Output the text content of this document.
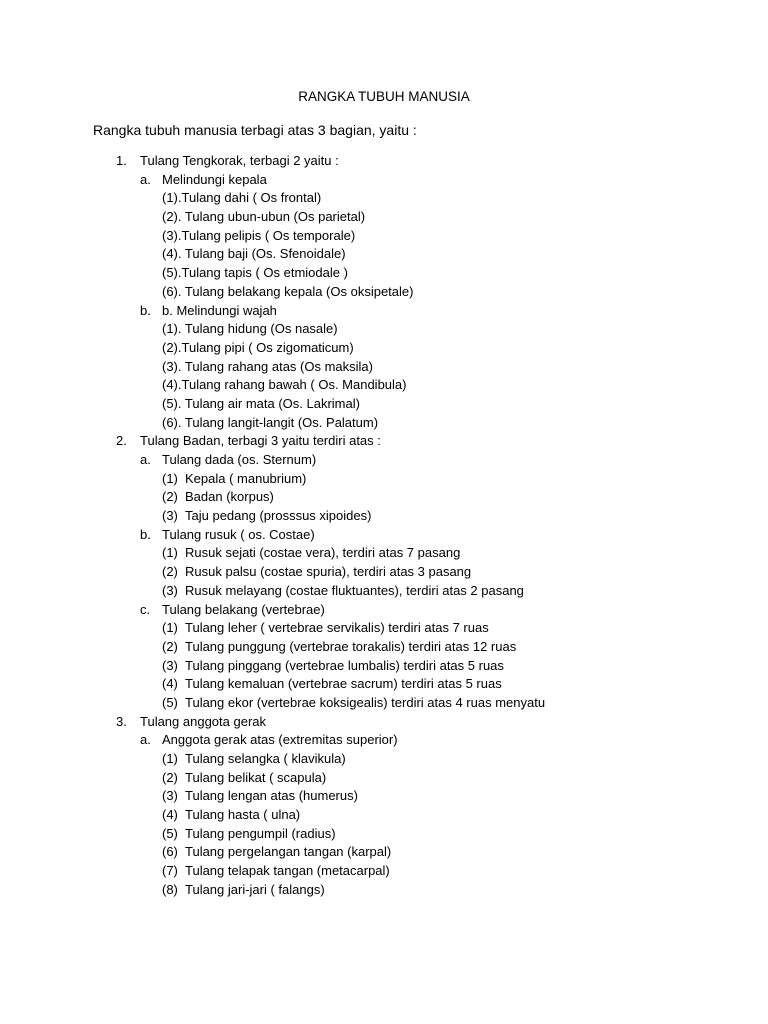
RANGKA TUBUH MANUSIA
Rangka tubuh manusia terbagi atas 3 bagian, yaitu :
1. Tulang Tengkorak, terbagi 2 yaitu :
a. Melindungi kepala
(1).Tulang dahi ( Os frontal)
(2). Tulang ubun-ubun (Os parietal)
(3).Tulang pelipis ( Os temporale)
(4). Tulang baji (Os. Sfenoidale)
(5).Tulang tapis ( Os etmiodale )
(6). Tulang belakang kepala (Os oksipetale)
b. b. Melindungi wajah
(1). Tulang hidung (Os nasale)
(2).Tulang pipi ( Os zigomaticum)
(3). Tulang rahang atas (Os maksila)
(4).Tulang rahang bawah ( Os. Mandibula)
(5). Tulang air mata (Os. Lakrimal)
(6). Tulang langit-langit (Os. Palatum)
2. Tulang Badan, terbagi 3 yaitu terdiri atas :
a. Tulang dada (os. Sternum)
(1) Kepala ( manubrium)
(2) Badan (korpus)
(3) Taju pedang (prosssus xipoides)
b. Tulang rusuk ( os. Costae)
(1) Rusuk sejati (costae vera), terdiri atas 7 pasang
(2) Rusuk palsu (costae spuria), terdiri atas 3 pasang
(3) Rusuk melayang (costae fluktuantes), terdiri atas 2 pasang
c. Tulang belakang (vertebrae)
(1) Tulang leher ( vertebrae servikalis) terdiri atas 7 ruas
(2) Tulang punggung (vertebrae torakalis) terdiri atas 12 ruas
(3) Tulang pinggang (vertebrae lumbalis) terdiri atas 5 ruas
(4) Tulang kemaluan (vertebrae sacrum) terdiri atas 5 ruas
(5) Tulang ekor (vertebrae koksigealis) terdiri atas 4 ruas menyatu
3. Tulang anggota gerak
a. Anggota gerak atas (extremitas superior)
(1) Tulang selangka ( klavikula)
(2) Tulang belikat ( scapula)
(3) Tulang lengan atas (humerus)
(4) Tulang hasta ( ulna)
(5) Tulang pengumpil (radius)
(6) Tulang pergelangan tangan (karpal)
(7) Tulang telapak tangan (metacarpal)
(8) Tulang jari-jari ( falangs)
